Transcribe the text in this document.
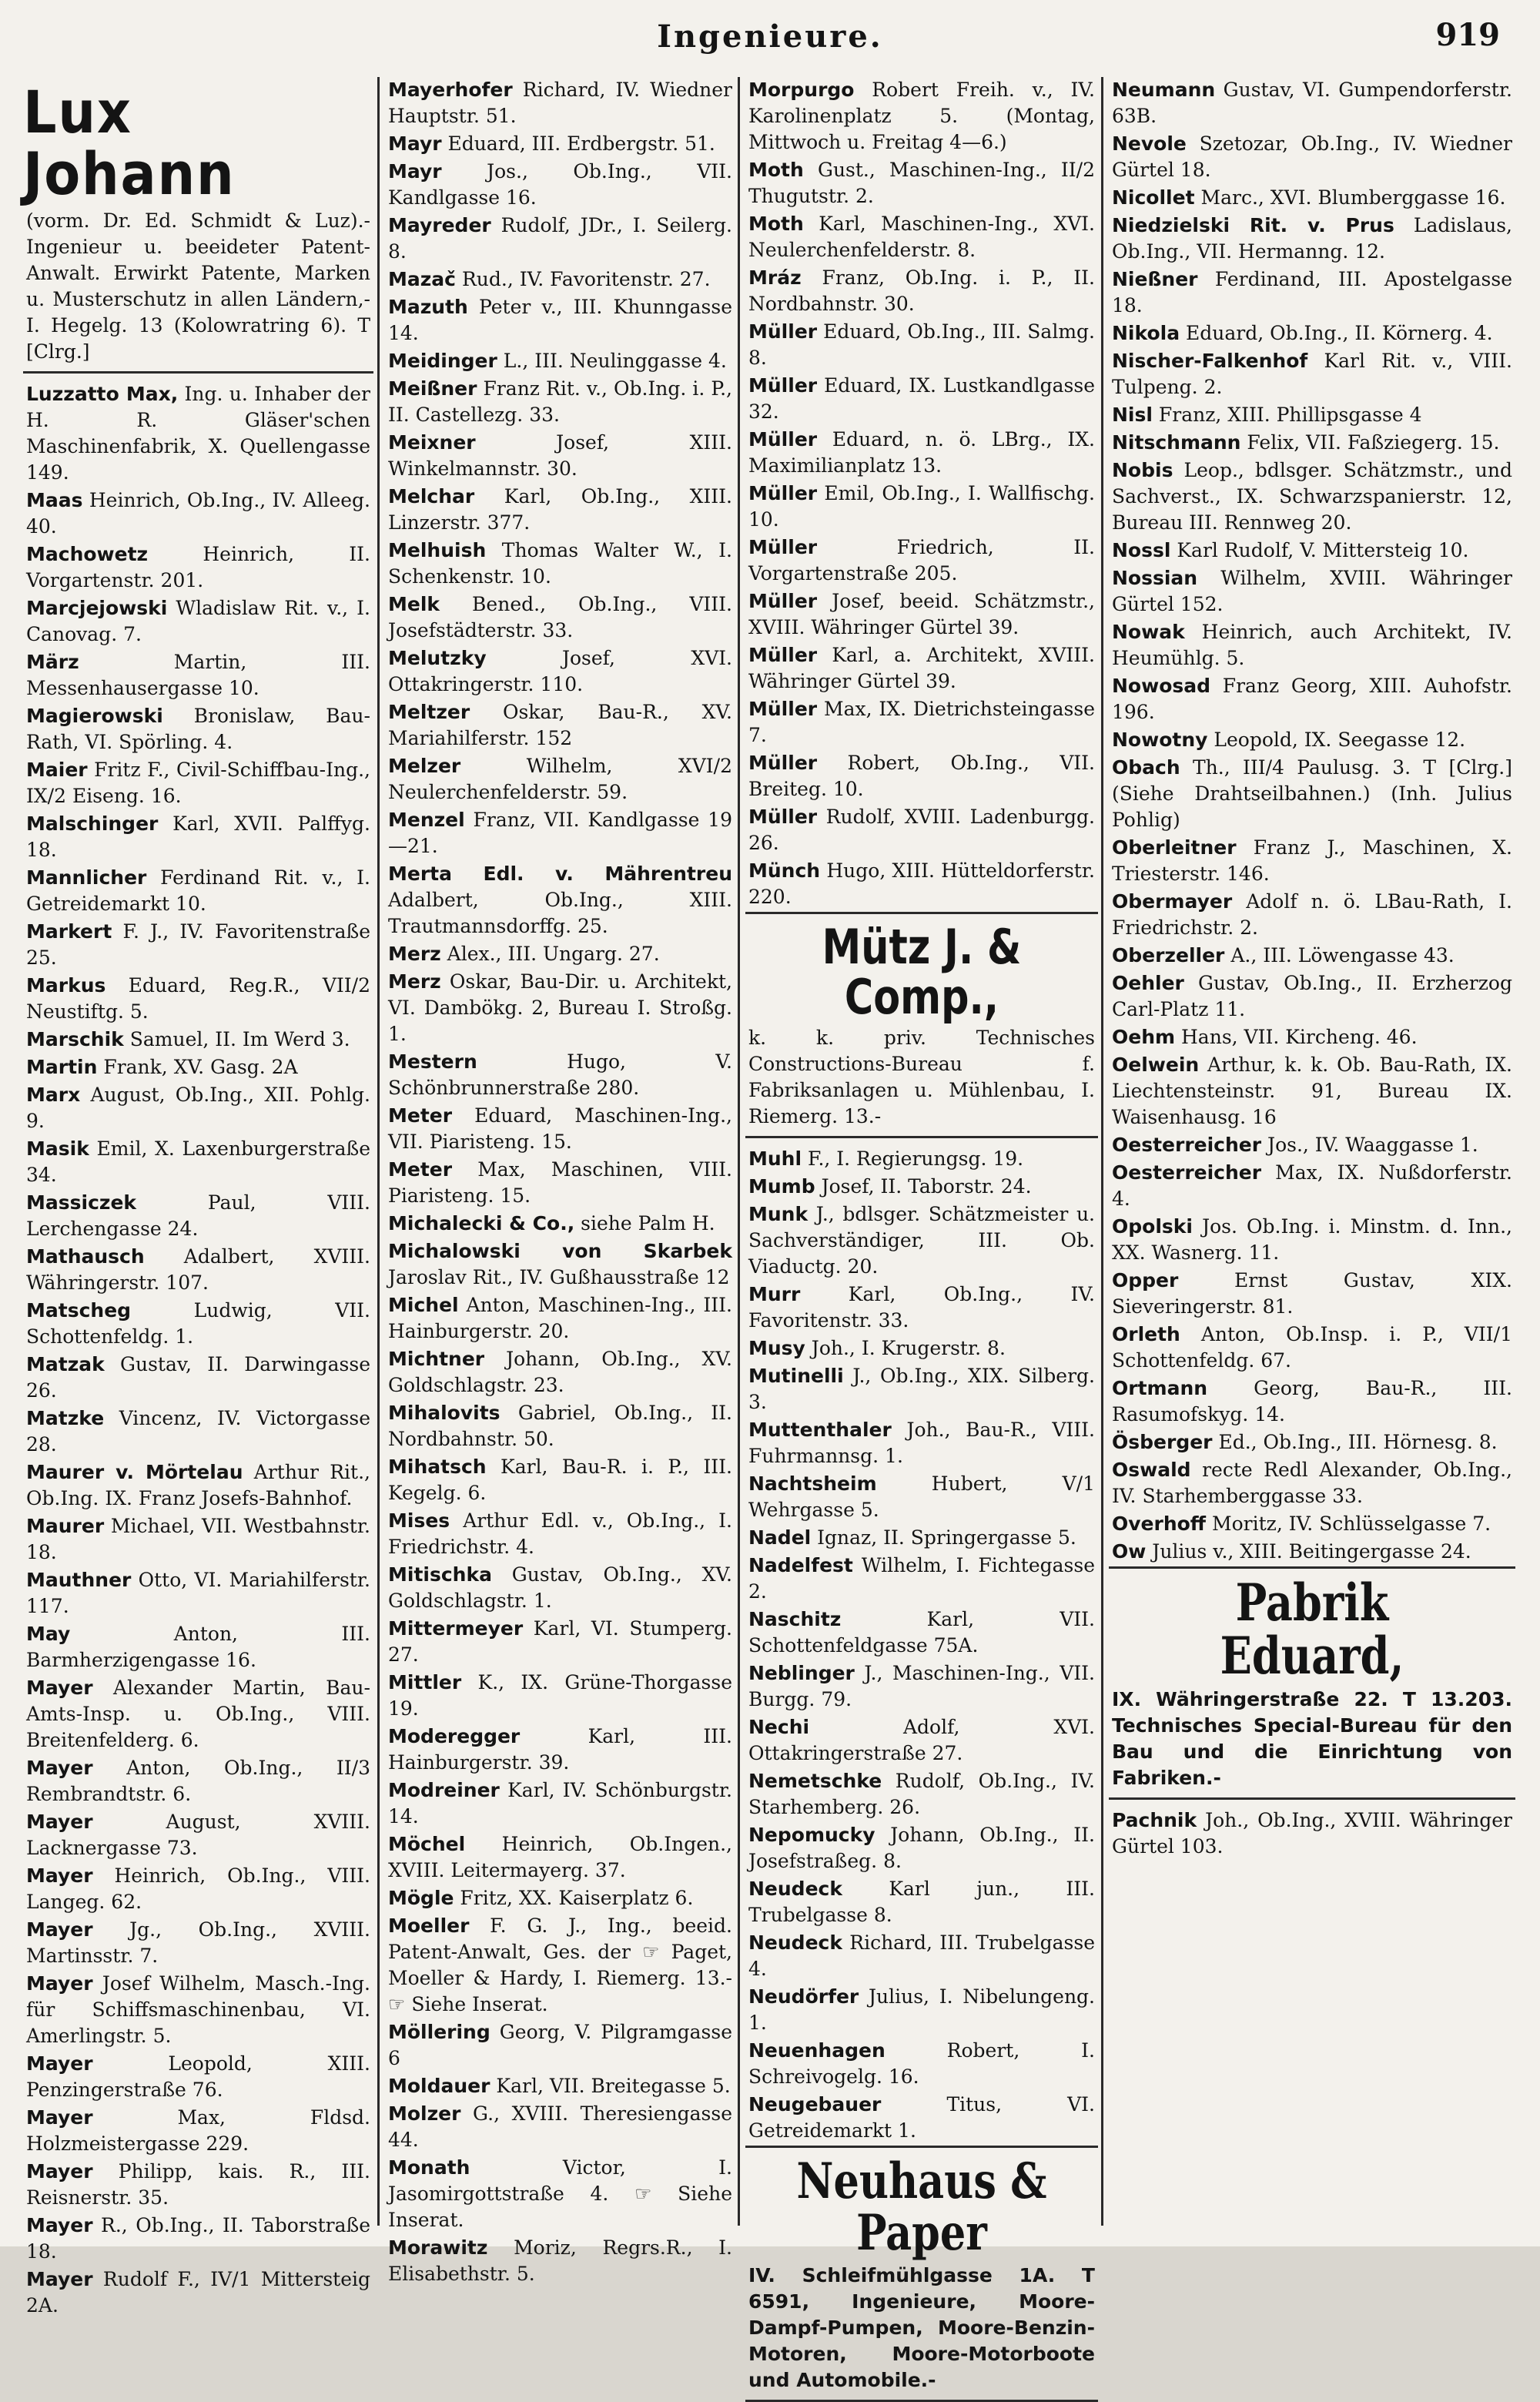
Ingenieure.	919
Lux Johann
(vorm. Dr. Ed. Schmidt & Luz).-Ingenieur u. beeideter Patent-Anwalt. Erwirkt Patente, Marken u. Musterschutz in allen Ländern,- I. Hegelg. 13 (Kolowratring 6). T [Clrg.]

Luzzatto Max, Ing. u. Inhaber der H. R. Gläser'schen Maschinenfabrik, X. Quellengasse 149.

Maas Heinrich, Ob.Ing., IV. Alleeg. 40.

Machowetz Heinrich, II. Vorgartenstr. 201.

Marcjejowski Wladislaw Rit. v., I. Canovag. 7.

März Martin, III. Messenhausergasse 10.

Magierowski Bronislaw, Bau-Rath, VI. Spörling. 4.

Maier Fritz F., Civil-Schiffbau-Ing., IX/2 Eiseng. 16.

Malschinger Karl, XVII. Palffyg. 18.

Mannlicher Ferdinand Rit. v., I. Getreidemarkt 10.

Markert F. J., IV. Favoritenstraße 25.

Markus Eduard, Reg.R., VII/2 Neustiftg. 5.

Marschik Samuel, II. Im Werd 3.

Martin Frank, XV. Gasg. 2A

Marx August, Ob.Ing., XII. Pohlg. 9.

Masik Emil, X. Laxenburgerstraße 34.

Massiczek Paul, VIII. Lerchengasse 24.

Mathausch Adalbert, XVIII. Währingerstr. 107.

Matscheg Ludwig, VII. Schottenfeldg. 1.

Matzak Gustav, II. Darwingasse 26.

Matzke Vincenz, IV. Victorgasse 28.

Maurer v. Mörtelau Arthur Rit., Ob.Ing. IX. Franz Josefs-Bahnhof.

Maurer Michael, VII. Westbahnstr. 18.

Mauthner Otto, VI. Mariahilferstr. 117.

May Anton, III. Barmherzigengasse 16.

Mayer Alexander Martin, Bau-Amts-Insp. u. Ob.Ing., VIII. Breitenfelderg. 6.

Mayer Anton, Ob.Ing., II/3 Rembrandtstr. 6.

Mayer August, XVIII. Lacknergasse 73.

Mayer Heinrich, Ob.Ing., VIII. Langeg. 62.

Mayer Jg., Ob.Ing., XVIII. Martinsstr. 7.

Mayer Josef Wilhelm, Masch.-Ing. für Schiffsmaschinenbau, VI. Amerlingstr. 5.

Mayer Leopold, XIII. Penzingerstraße 76.

Mayer Max, Fldsd. Holzmeistergasse 229.

Mayer Philipp, kais. R., III. Reisnerstr. 35.

Mayer R., Ob.Ing., II. Taborstraße 18.

Mayer Rudolf F., IV/1 Mittersteig 2A.

Mayerhofer Richard, IV. Wiedner Hauptstr. 51.

Mayr Eduard, III. Erdbergstr. 51.

Mayr Jos., Ob.Ing., VII. Kandlgasse 16.

Mayreder Rudolf, JDr., I. Seilerg. 8.

Mazač Rud., IV. Favoritenstr. 27.

Mazuth Peter v., III. Khunngasse 14.

Meidinger L., III. Neulinggasse 4.

Meißner Franz Rit. v., Ob.Ing. i. P., II. Castellezg. 33.

Meixner Josef, XIII. Winkelmannstr. 30.

Melchar Karl, Ob.Ing., XIII. Linzerstr. 377.

Melhuish Thomas Walter W., I. Schenkenstr. 10.

Melk Bened., Ob.Ing., VIII. Josefstädterstr. 33.

Melutzky Josef, XVI. Ottakringerstr. 110.

Meltzer Oskar, Bau-R., XV. Mariahilferstr. 152

Melzer Wilhelm, XVI/2 Neulerchenfelderstr. 59.

Menzel Franz, VII. Kandlgasse 19—21.

Merta Edl. v. Mährentreu Adalbert, Ob.Ing., XIII. Trautmannsdorffg. 25.

Merz Alex., III. Ungarg. 27.

Merz Oskar, Bau-Dir. u. Architekt, VI. Dambökg. 2, Bureau I. Stroßg. 1.

Mestern Hugo, V. Schönbrunnerstraße 280.

Meter Eduard, Maschinen-Ing., VII. Piaristeng. 15.

Meter Max, Maschinen, VIII. Piaristeng. 15.

Michalecki & Co., siehe Palm H.

Michalowski von Skarbek Jaroslav Rit., IV. Gußhausstraße 12

Michel Anton, Maschinen-Ing., III. Hainburgerstr. 20.

Michtner Johann, Ob.Ing., XV. Goldschlagstr. 23.

Mihalovits Gabriel, Ob.Ing., II. Nordbahnstr. 50.

Mihatsch Karl, Bau-R. i. P., III. Kegelg. 6.

Mises Arthur Edl. v., Ob.Ing., I. Friedrichstr. 4.

Mitischka Gustav, Ob.Ing., XV. Goldschlagstr. 1.

Mittermeyer Karl, VI. Stumperg. 27.

Mittler K., IX. Grüne-Thorgasse 19.

Moderegger Karl, III. Hainburgerstr. 39.

Modreiner Karl, IV. Schönburgstr. 14.

Möchel Heinrich, Ob.Ingen., XVIII. Leitermayerg. 37.

Mögle Fritz, XX. Kaiserplatz 6.

Moeller F. G. J., Ing., beeid. Patent-Anwalt, Ges. der ☞ Paget, Moeller & Hardy, I. Riemerg. 13.- ☞ Siehe Inserat.

Möllering Georg, V. Pilgramgasse 6

Moldauer Karl, VII. Breitegasse 5.

Molzer G., XVIII. Theresiengasse 44.

Monath Victor, I. Jasomirgottstraße 4. ☞ Siehe Inserat.

Morawitz Moriz, Regrs.R., I. Elisabethstr. 5.

Morpurgo Robert Freih. v., IV. Karolinenplatz 5. (Montag, Mittwoch u. Freitag 4—6.)

Moth Gust., Maschinen-Ing., II/2 Thugutstr. 2.

Moth Karl, Maschinen-Ing., XVI. Neulerchenfelderstr. 8.

Mráz Franz, Ob.Ing. i. P., II. Nordbahnstr. 30.

Müller Eduard, Ob.Ing., III. Salmg. 8.

Müller Eduard, IX. Lustkandlgasse 32.

Müller Eduard, n. ö. LBrg., IX. Maximilianplatz 13.

Müller Emil, Ob.Ing., I. Wallfischg. 10.

Müller Friedrich, II. Vorgartenstraße 205.

Müller Josef, beeid. Schätzmstr., XVIII. Währinger Gürtel 39.

Müller Karl, a. Architekt, XVIII. Währinger Gürtel 39.

Müller Max, IX. Dietrichsteingasse 7.

Müller Robert, Ob.Ing., VII. Breiteg. 10.

Müller Rudolf, XVIII. Ladenburgg. 26.

Münch Hugo, XIII. Hütteldorferstr. 220.

Mütz J. & Comp.,
k. k. priv. Technisches Constructions-Bureau f. Fabriksanlagen u. Mühlenbau, I. Riemerg. 13.-

Muhl F., I. Regierungsg. 19.

Mumb Josef, II. Taborstr. 24.

Munk J., bdlsger. Schätzmeister u. Sachverständiger, III. Ob. Viaductg. 20.

Murr Karl, Ob.Ing., IV. Favoritenstr. 33.

Musy Joh., I. Krugerstr. 8.

Mutinelli J., Ob.Ing., XIX. Silberg. 3.

Muttenthaler Joh., Bau-R., VIII. Fuhrmannsg. 1.

Nachtsheim Hubert, V/1 Wehrgasse 5.

Nadel Ignaz, II. Springergasse 5.

Nadelfest Wilhelm, I. Fichtegasse 2.

Naschitz Karl, VII. Schottenfeldgasse 75A.

Neblinger J., Maschinen-Ing., VII. Burgg. 79.

Nechi Adolf, XVI. Ottakringerstraße 27.

Nemetschke Rudolf, Ob.Ing., IV. Starhemberg. 26.

Nepomucky Johann, Ob.Ing., II. Josefstraßeg. 8.

Neudeck Karl jun., III. Trubelgasse 8.

Neudeck Richard, III. Trubelgasse 4.

Neudörfer Julius, I. Nibelungeng. 1.

Neuenhagen Robert, I. Schreivogelg. 16.

Neugebauer Titus, VI. Getreidemarkt 1.

Neuhaus & Paper
IV. Schleifmühlgasse 1A. T 6591, Ingenieure, Moore-Dampf-Pumpen, Moore-Benzin-Motoren, Moore-Motorboote und Automobile.-

Neumann Gustav, VI. Gumpendorferstr. 63B.

Nevole Szetozar, Ob.Ing., IV. Wiedner Gürtel 18.

Nicollet Marc., XVI. Blumberggasse 16.

Niedzielski Rit. v. Prus Ladislaus, Ob.Ing., VII. Hermanng. 12.

Nießner Ferdinand, III. Apostelgasse 18.

Nikola Eduard, Ob.Ing., II. Körnerg. 4.

Nischer-Falkenhof Karl Rit. v., VIII. Tulpeng. 2.

Nisl Franz, XIII. Phillipsgasse 4

Nitschmann Felix, VII. Faßziegerg. 15.

Nobis Leop., bdlsger. Schätzmstr., und Sachverst., IX. Schwarzspanierstr. 12, Bureau III. Rennweg 20.

Nossl Karl Rudolf, V. Mittersteig 10.

Nossian Wilhelm, XVIII. Währinger Gürtel 152.

Nowak Heinrich, auch Architekt, IV. Heumühlg. 5.

Nowosad Franz Georg, XIII. Auhofstr. 196.

Nowotny Leopold, IX. Seegasse 12.

Obach Th., III/4 Paulusg. 3. T [Clrg.] (Siehe Drahtseilbahnen.) (Inh. Julius Pohlig)

Oberleitner Franz J., Maschinen, X. Triesterstr. 146.

Obermayer Adolf n. ö. LBau-Rath, I. Friedrichstr. 2.

Oberzeller A., III. Löwengasse 43.

Oehler Gustav, Ob.Ing., II. Erzherzog Carl-Platz 11.

Oehm Hans, VII. Kircheng. 46.

Oelwein Arthur, k. k. Ob. Bau-Rath, IX. Liechtensteinstr. 91, Bureau IX. Waisenhausg. 16

Oesterreicher Jos., IV. Waaggasse 1.

Oesterreicher Max, IX. Nußdorferstr. 4.

Opolski Jos. Ob.Ing. i. Minstm. d. Inn., XX. Wasnerg. 11.

Opper Ernst Gustav, XIX. Sieveringerstr. 81.

Orleth Anton, Ob.Insp. i. P., VII/1 Schottenfeldg. 67.

Ortmann Georg, Bau-R., III. Rasumofskyg. 14.

Ösberger Ed., Ob.Ing., III. Hörnesg. 8.

Oswald recte Redl Alexander, Ob.Ing., IV. Starhemberggasse 33.

Overhoff Moritz, IV. Schlüsselgasse 7.

Ow Julius v., XIII. Beitingergasse 24.

Pabrik Eduard,
IX. Währingerstraße 22. T 13.203. Technisches Special-Bureau für den Bau und die Einrichtung von Fabriken.-

Pachnik Joh., Ob.Ing., XVIII. Währinger Gürtel 103.
